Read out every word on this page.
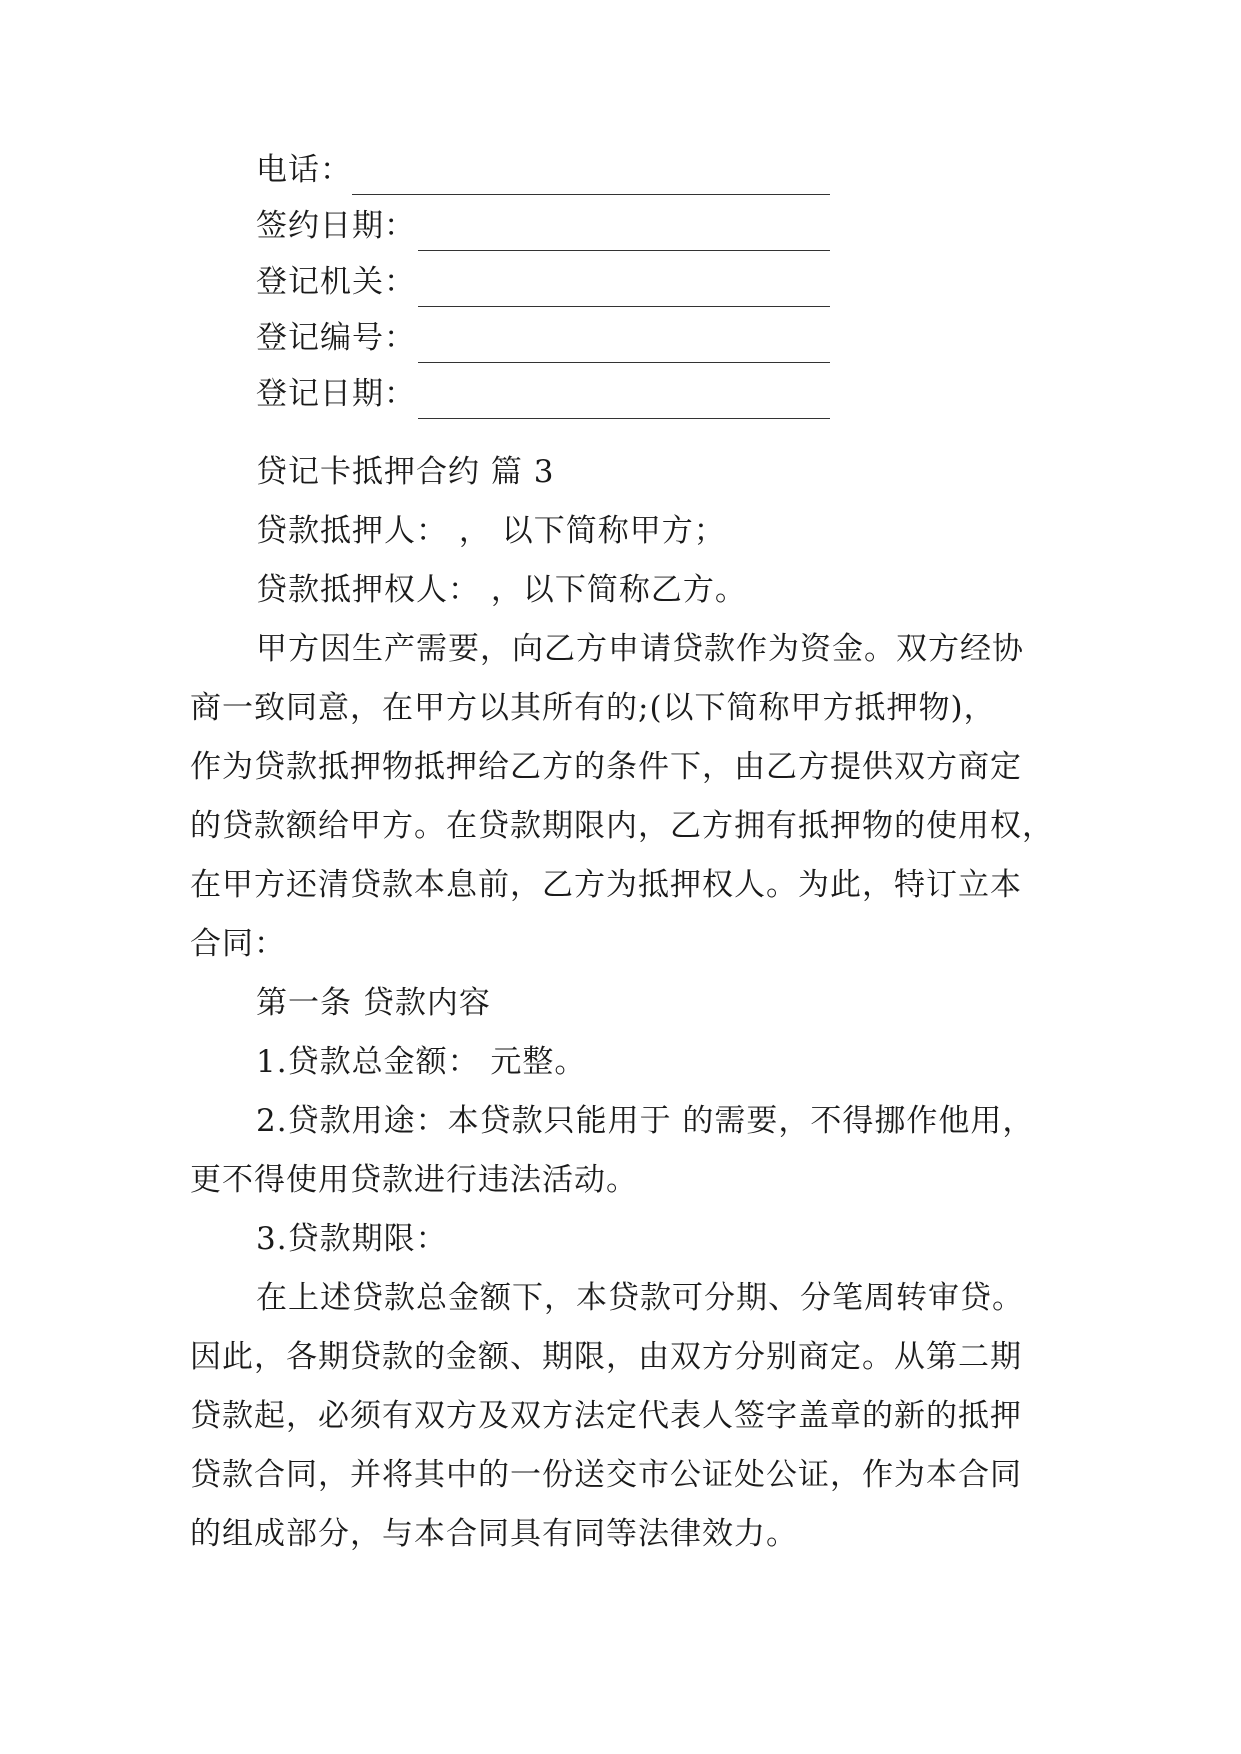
电话：
签约日期：
登记机关：
登记编号：
登记日期：
贷记卡抵押合约 篇 3
贷款抵押人： ， 以下简称甲方；
贷款抵押权人： ，以下简称乙方。
甲方因生产需要，向乙方申请贷款作为资金。双方经协
商一致同意，在甲方以其所有的;(以下简称甲方抵押物)，
作为贷款抵押物抵押给乙方的条件下，由乙方提供双方商定
的贷款额给甲方。在贷款期限内，乙方拥有抵押物的使用权，
在甲方还清贷款本息前，乙方为抵押权人。为此，特订立本
合同：
第一条 贷款内容
1.贷款总金额： 元整。
2.贷款用途：本贷款只能用于 的需要，不得挪作他用，
更不得使用贷款进行违法活动。
3.贷款期限：
在上述贷款总金额下，本贷款可分期、分笔周转审贷。
因此，各期贷款的金额、期限，由双方分别商定。从第二期
贷款起，必须有双方及双方法定代表人签字盖章的新的抵押
贷款合同，并将其中的一份送交市公证处公证，作为本合同
的组成部分，与本合同具有同等法律效力。
